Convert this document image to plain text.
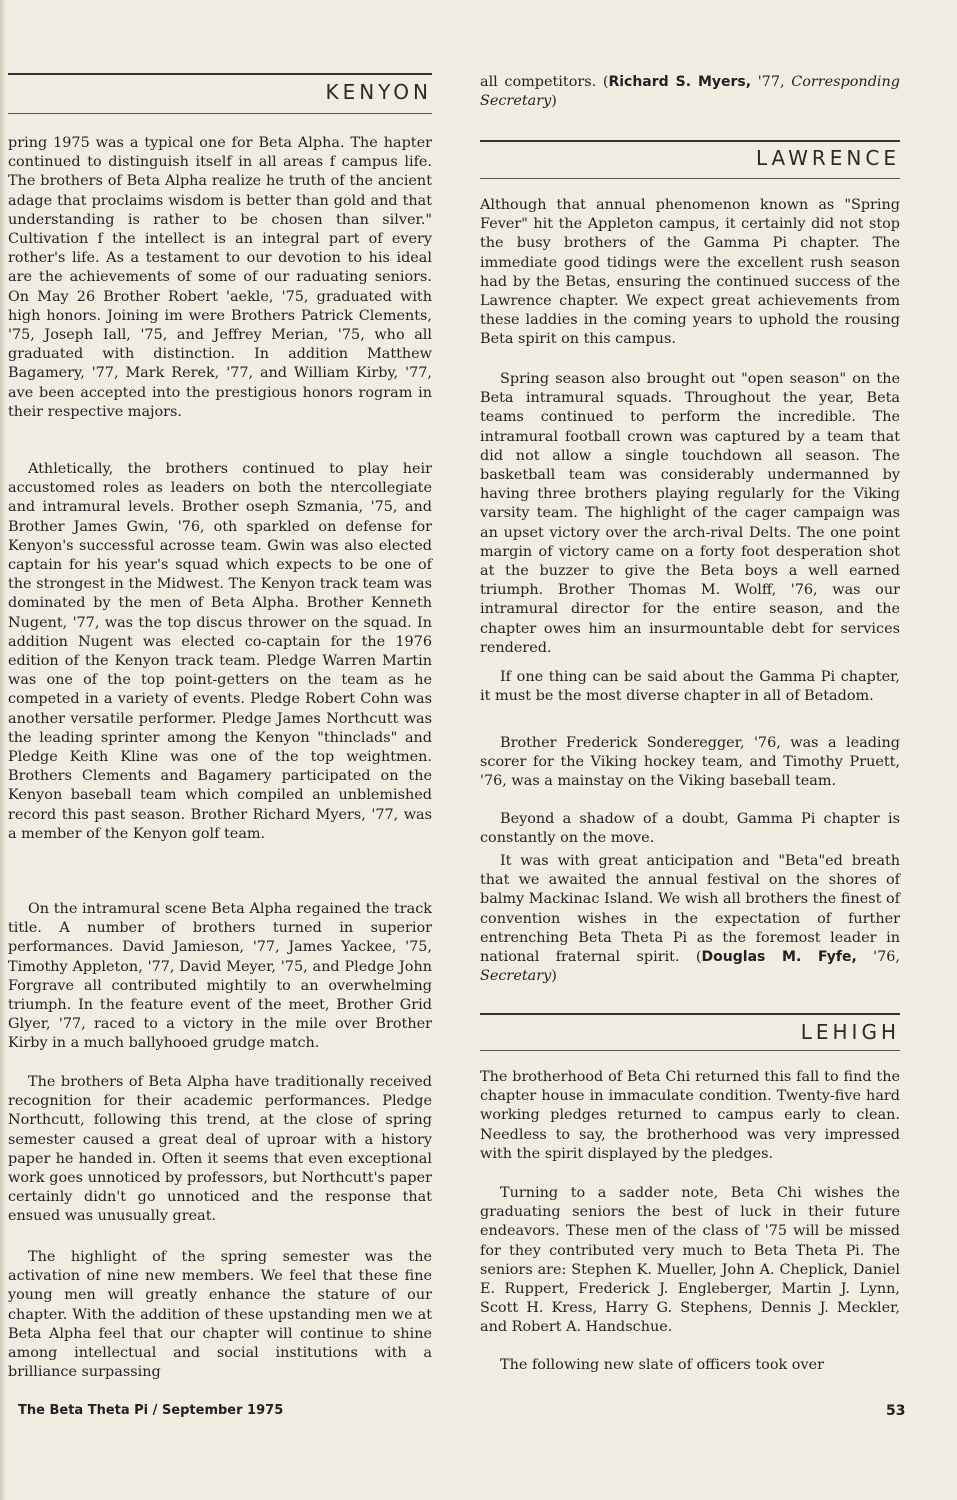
KENYON

pring 1975 was a typical one for Beta Alpha. The hapter continued to distinguish itself in all areas f campus life. The brothers of Beta Alpha realize he truth of the ancient adage that proclaims wisdom is better than gold and that understanding is rather to be chosen than silver." Cultivation f the intellect is an integral part of every rother's life. As a testament to our devotion to his ideal are the achievements of some of our raduating seniors. On May 26 Brother Robert 'aekle, '75, graduated with high honors. Joining im were Brothers Patrick Clements, '75, Joseph Iall, '75, and Jeffrey Merian, '75, who all graduated with distinction. In addition Matthew Bagamery, '77, Mark Rerek, '77, and William Kirby, '77, ave been accepted into the prestigious honors rogram in their respective majors.

Athletically, the brothers continued to play heir accustomed roles as leaders on both the ntercollegiate and intramural levels. Brother oseph Szmania, '75, and Brother James Gwin, '76, oth sparkled on defense for Kenyon's successful acrosse team. Gwin was also elected captain for his year's squad which expects to be one of the strongest in the Midwest. The Kenyon track team was dominated by the men of Beta Alpha. Brother Kenneth Nugent, '77, was the top discus thrower on the squad. In addition Nugent was elected co-captain for the 1976 edition of the Kenyon track team. Pledge Warren Martin was one of the top point-getters on the team as he competed in a variety of events. Pledge Robert Cohn was another versatile performer. Pledge James Northcutt was the leading sprinter among the Kenyon "thinclads" and Pledge Keith Kline was one of the top weightmen. Brothers Clements and Bagamery participated on the Kenyon baseball team which compiled an unblemished record this past season. Brother Richard Myers, '77, was a member of the Kenyon golf team.

On the intramural scene Beta Alpha regained the track title. A number of brothers turned in superior performances. David Jamieson, '77, James Yackee, '75, Timothy Appleton, '77, David Meyer, '75, and Pledge John Forgrave all contributed mightily to an overwhelming triumph. In the feature event of the meet, Brother Grid Glyer, '77, raced to a victory in the mile over Brother Kirby in a much ballyhooed grudge match.

The brothers of Beta Alpha have traditionally received recognition for their academic performances. Pledge Northcutt, following this trend, at the close of spring semester caused a great deal of uproar with a history paper he handed in. Often it seems that even exceptional work goes unnoticed by professors, but Northcutt's paper certainly didn't go unnoticed and the response that ensued was unusually great.

The highlight of the spring semester was the activation of nine new members. We feel that these fine young men will greatly enhance the stature of our chapter. With the addition of these upstanding men we at Beta Alpha feel that our chapter will continue to shine among intellectual and social institutions with a brilliance surpassing

all competitors. (Richard S. Myers, '77, Corresponding Secretary)

LAWRENCE

Although that annual phenomenon known as "Spring Fever" hit the Appleton campus, it certainly did not stop the busy brothers of the Gamma Pi chapter. The immediate good tidings were the excellent rush season had by the Betas, ensuring the continued success of the Lawrence chapter. We expect great achievements from these laddies in the coming years to uphold the rousing Beta spirit on this campus.

Spring season also brought out "open season" on the Beta intramural squads. Throughout the year, Beta teams continued to perform the incredible. The intramural football crown was captured by a team that did not allow a single touchdown all season. The basketball team was considerably undermanned by having three brothers playing regularly for the Viking varsity team. The highlight of the cager campaign was an upset victory over the arch-rival Delts. The one point margin of victory came on a forty foot desperation shot at the buzzer to give the Beta boys a well earned triumph. Brother Thomas M. Wolff, '76, was our intramural director for the entire season, and the chapter owes him an insurmountable debt for services rendered.

If one thing can be said about the Gamma Pi chapter, it must be the most diverse chapter in all of Betadom.

Brother Frederick Sonderegger, '76, was a leading scorer for the Viking hockey team, and Timothy Pruett, '76, was a mainstay on the Viking baseball team.

Beyond a shadow of a doubt, Gamma Pi chapter is constantly on the move.

It was with great anticipation and "Beta"ed breath that we awaited the annual festival on the shores of balmy Mackinac Island. We wish all brothers the finest of convention wishes in the expectation of further entrenching Beta Theta Pi as the foremost leader in national fraternal spirit. (Douglas M. Fyfe, '76, Secretary)

LEHIGH

The brotherhood of Beta Chi returned this fall to find the chapter house in immaculate condition. Twenty-five hard working pledges returned to campus early to clean. Needless to say, the brotherhood was very impressed with the spirit displayed by the pledges.

Turning to a sadder note, Beta Chi wishes the graduating seniors the best of luck in their future endeavors. These men of the class of '75 will be missed for they contributed very much to Beta Theta Pi. The seniors are: Stephen K. Mueller, John A. Cheplick, Daniel E. Ruppert, Frederick J. Engleberger, Martin J. Lynn, Scott H. Kress, Harry G. Stephens, Dennis J. Meckler, and Robert A. Handschue.

The following new slate of officers took over

The Beta Theta Pi / September 1975	53
